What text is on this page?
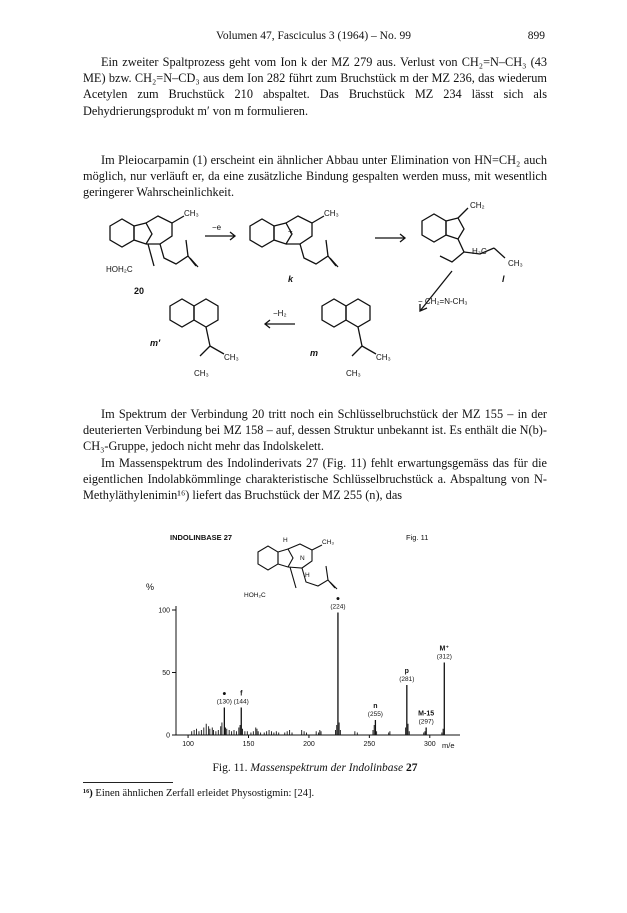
Volumen 47, Fasciculus 3 (1964) – No. 99	899
Ein zweiter Spaltprozess geht vom Ion k der MZ 279 aus. Verlust von CH₂=N–CH₃ (43 ME) bzw. CH₂=N–CD₃ aus dem Ion 282 führt zum Bruchstück m der MZ 236, das wiederum Acetylen zum Bruchstück 210 abspaltet. Das Bruchstück MZ 234 lässt sich als Dehydrierungsprodukt m′ von m formulieren.
Im Pleiocarpamin (1) erscheint ein ähnlicher Abbau unter Elimination von HN=CH₂ auch möglich, nur verläuft er, da eine zusätzliche Bindung gespalten werden muss, mit wesentlich geringerer Wahrscheinlichkeit.
CH₃
HOH₂C
20
−e
CH₃
+
k
CH₂
H₃C
CH₃
l
− CH₂=N-CH₃
−H₂
m	CH₃
CH₃
m′
CH₃
CH₃
Im Spektrum der Verbindung 20 tritt noch ein Schlüsselbruchstück der MZ 155 – in der deuterierten Verbindung bei MZ 158 – auf, dessen Struktur unbekannt ist. Es enthält die N(b)-CH₃-Gruppe, jedoch nicht mehr das Indolskelett.
Im Massenspektrum des Indolinderivats 27 (Fig. 11) fehlt erwartungsgemäss das für die eigentlichen Indolabkömmlinge charakteristische Schlüsselbruchstück a. Abspaltung von N-Methyläthylenimin¹⁶) liefert das Bruchstück der MZ 255 (n), das
INDOLINBASE 27	Fig. 11
%
m/e
H	CH₃
N
H
HOH₂C
0
50
100
100	150	200	250	300
(130)
●
(144)
f
(224)
●
(255)
n
(281)
p
(297)
M-15
(312)
M⁺
Fig. 11. Massenspektrum der Indolinbase 27
¹⁶) Einen ähnlichen Zerfall erleidet Physostigmin: [24].
